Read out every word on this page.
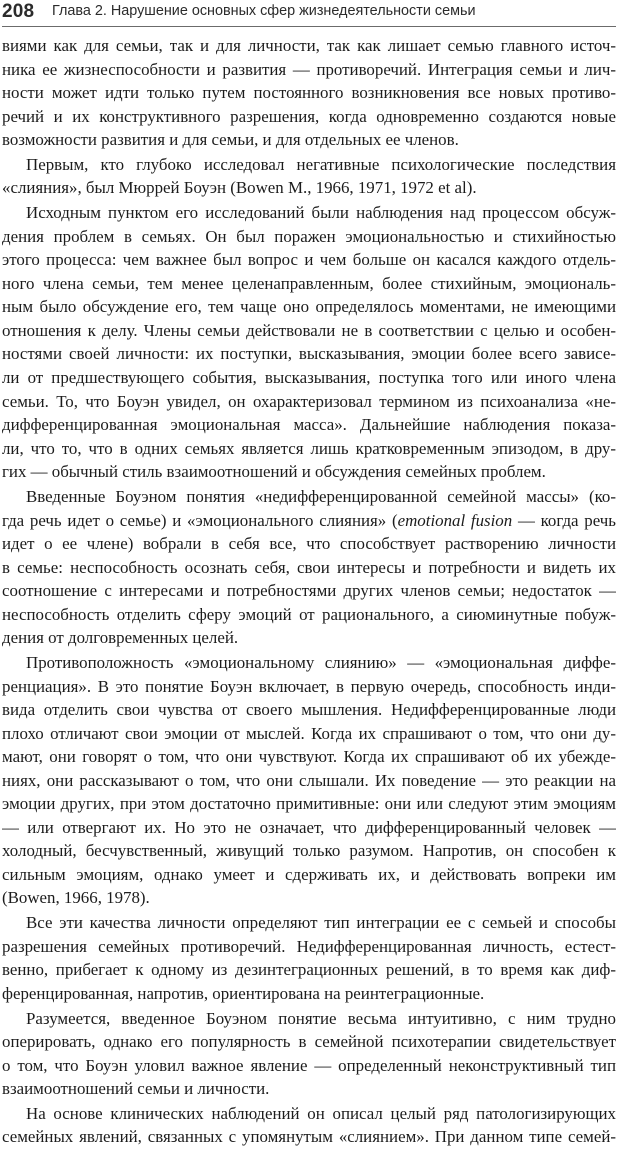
208 Глава 2. Нарушение основных сфер жизнедеятельности семьи
виями как для семьи, так и для личности, так как лишает семью главного источ-
ника ее жизнеспособности и развития — противоречий. Интеграция семьи и лич-
ности может идти только путем постоянного возникновения все новых противо-
речий и их конструктивного разрешения, когда одновременно создаются новые
возможности развития и для семьи, и для отдельных ее членов.
Первым, кто глубоко исследовал негативные психологические последствия
«слияния», был Мюррей Боуэн (Bowen M., 1966, 1971, 1972 et al).
Исходным пунктом его исследований были наблюдения над процессом обсуж-
дения проблем в семьях. Он был поражен эмоциональностью и стихийностью
этого процесса: чем важнее был вопрос и чем больше он касался каждого отдель-
ного члена семьи, тем менее целенаправленным, более стихийным, эмоциональ-
ным было обсуждение его, тем чаще оно определялось моментами, не имеющими
отношения к делу. Члены семьи действовали не в соответствии с целью и особен-
ностями своей личности: их поступки, высказывания, эмоции более всего зависе-
ли от предшествующего события, высказывания, поступка того или иного члена
семьи. То, что Боуэн увидел, он охарактеризовал термином из психоанализа «не-
дифференцированная эмоциональная масса». Дальнейшие наблюдения показа-
ли, что то, что в одних семьях является лишь кратковременным эпизодом, в дру-
гих — обычный стиль взаимоотношений и обсуждения семейных проблем.
Введенные Боуэном понятия «недифференцированной семейной массы» (ко-
гда речь идет о семье) и «эмоционального слияния» (emotional fusion — когда речь
идет о ее члене) вобрали в себя все, что способствует растворению личности
в семье: неспособность осознать себя, свои интересы и потребности и видеть их
соотношение с интересами и потребностями других членов семьи; недостаток —
неспособность отделить сферу эмоций от рационального, а сиюминутные побуж-
дения от долговременных целей.
Противоположность «эмоциональному слиянию» — «эмоциональная диффе-
ренциация». В это понятие Боуэн включает, в первую очередь, способность инди-
вида отделить свои чувства от своего мышления. Недифференцированные люди
плохо отличают свои эмоции от мыслей. Когда их спрашивают о том, что они ду-
мают, они говорят о том, что они чувствуют. Когда их спрашивают об их убежде-
ниях, они рассказывают о том, что они слышали. Их поведение — это реакции на
эмоции других, при этом достаточно примитивные: они или следуют этим эмоциям
— или отвергают их. Но это не означает, что дифференцированный человек —
холодный, бесчувственный, живущий только разумом. Напротив, он способен к
сильным эмоциям, однако умеет и сдерживать их, и действовать вопреки им
(Bowen, 1966, 1978).
Все эти качества личности определяют тип интеграции ее с семьей и способы
разрешения семейных противоречий. Недифференцированная личность, естест-
венно, прибегает к одному из дезинтеграционных решений, в то время как диф-
ференцированная, напротив, ориентирована на реинтеграционные.
Разумеется, введенное Боуэном понятие весьма интуитивно, с ним трудно
оперировать, однако его популярность в семейной психотерапии свидетельствует
о том, что Боуэн уловил важное явление — определенный неконструктивный тип
взаимоотношений семьи и личности.
На основе клинических наблюдений он описал целый ряд патологизирующих
семейных явлений, связанных с упомянутым «слиянием». При данном типе семей-
